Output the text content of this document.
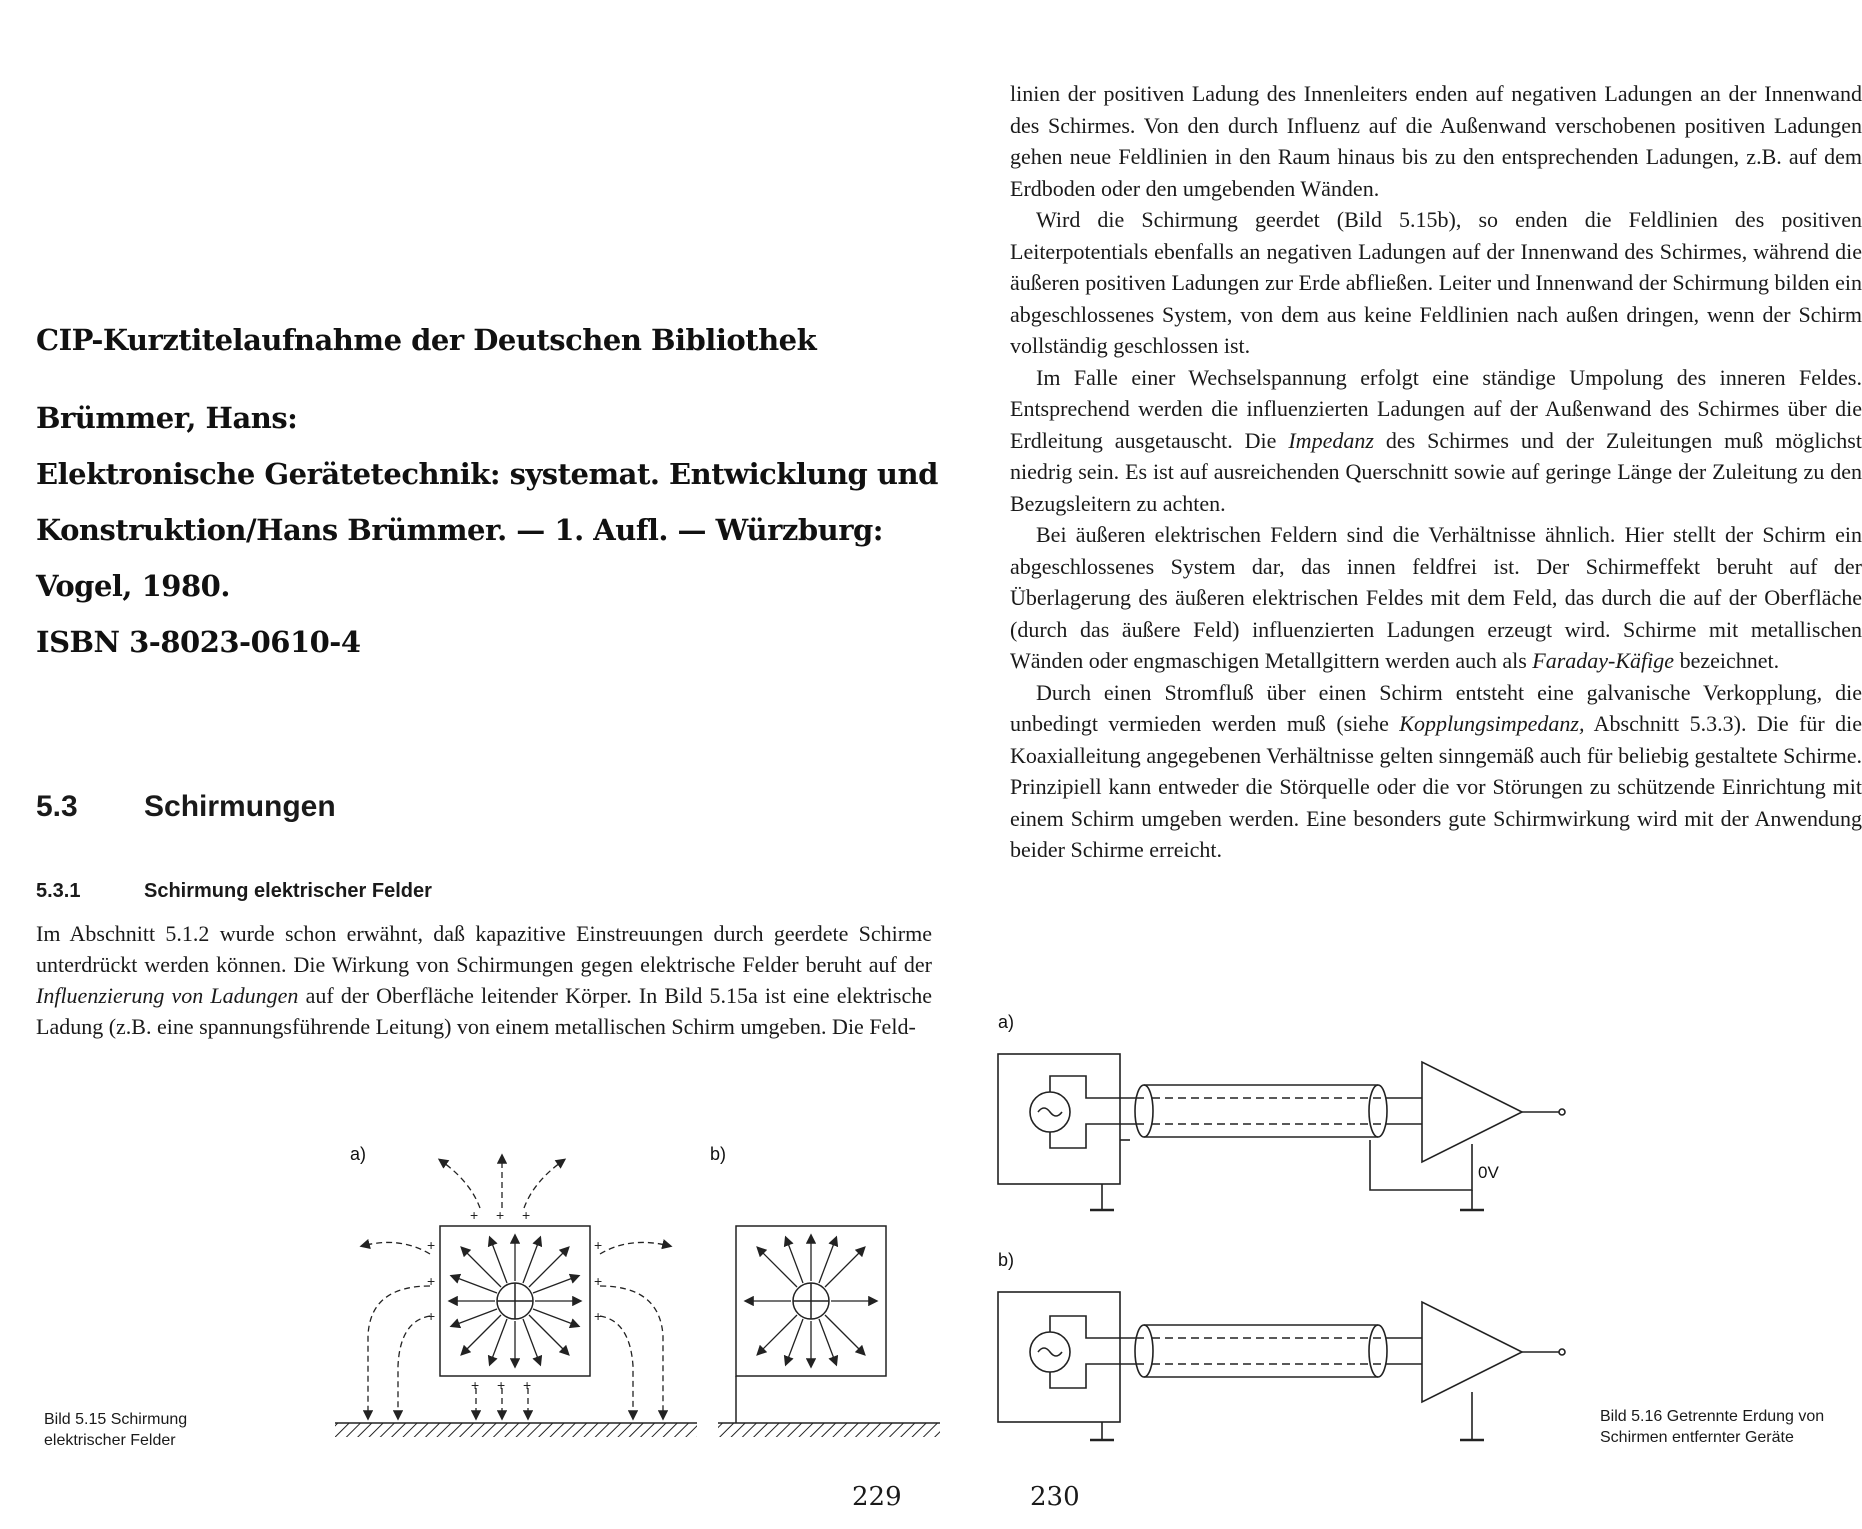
CIP-Kurztitelaufnahme der Deutschen Bibliothek
Brümmer, Hans:
Elektronische Gerätetechnik: systemat. Entwicklung und
Konstruktion/Hans Brümmer. — 1. Aufl. — Würzburg:
Vogel, 1980.
ISBN 3-8023-0610-4
5.3 Schirmungen
5.3.1	Schirmung elektrischer Felder

Im Abschnitt 5.1.2 wurde schon erwähnt, daß kapazitive Einstreuungen durch geerdete Schirme unterdrückt werden können. Die Wirkung von Schirmungen gegen elektrische Felder beruht auf der Influenzierung von Ladungen auf der Oberfläche leitender Körper. In Bild 5.15a ist eine elektrische Ladung (z.B. eine spannungsführende Leitung) von einem metallischen Schirm umgeben. Die Feld-

a)	b)
+ + +
+
+
+
+
+
+
+ + +
Bild 5.15 Schirmung
elektrischer Felder
229

linien der positiven Ladung des Innenleiters enden auf negativen Ladungen an der Innenwand des Schirmes. Von den durch Influenz auf die Außenwand verschobenen positiven Ladungen gehen neue Feldlinien in den Raum hinaus bis zu den entsprechenden Ladungen, z.B. auf dem Erdboden oder den umgebenden Wänden.

Wird die Schirmung geerdet (Bild 5.15b), so enden die Feldlinien des positiven Leiterpotentials ebenfalls an negativen Ladungen auf der Innenwand des Schirmes, während die äußeren positiven Ladungen zur Erde abfließen. Leiter und Innenwand der Schirmung bilden ein abgeschlossenes System, von dem aus keine Feldlinien nach außen dringen, wenn der Schirm vollständig geschlossen ist.

Im Falle einer Wechselspannung erfolgt eine ständige Umpolung des inneren Feldes. Entsprechend werden die influenzierten Ladungen auf der Außenwand des Schirmes über die Erdleitung ausgetauscht. Die Impedanz des Schirmes und der Zuleitungen muß möglichst niedrig sein. Es ist auf ausreichenden Querschnitt sowie auf geringe Länge der Zuleitung zu den Bezugsleitern zu achten.

Bei äußeren elektrischen Feldern sind die Verhältnisse ähnlich. Hier stellt der Schirm ein abgeschlossenes System dar, das innen feldfrei ist. Der Schirmeffekt beruht auf der Überlagerung des äußeren elektrischen Feldes mit dem Feld, das durch die auf der Oberfläche (durch das äußere Feld) influenzierten Ladungen erzeugt wird. Schirme mit metallischen Wänden oder engmaschigen Metallgittern werden auch als Faraday-Käfige bezeichnet.

Durch einen Stromfluß über einen Schirm entsteht eine galvanische Verkopplung, die unbedingt vermieden werden muß (siehe Kopplungsimpedanz, Abschnitt 5.3.3). Die für die Koaxialleitung angegebenen Verhältnisse gelten sinngemäß auch für beliebig gestaltete Schirme. Prinzipiell kann entweder die Störquelle oder die vor Störungen zu schützende Einrichtung mit einem Schirm umgeben werden. Eine besonders gute Schirmwirkung wird mit der Anwendung beider Schirme erreicht.

a)
b)
0V
Bild 5.16 Getrennte Erdung von
Schirmen entfernter Geräte
230
